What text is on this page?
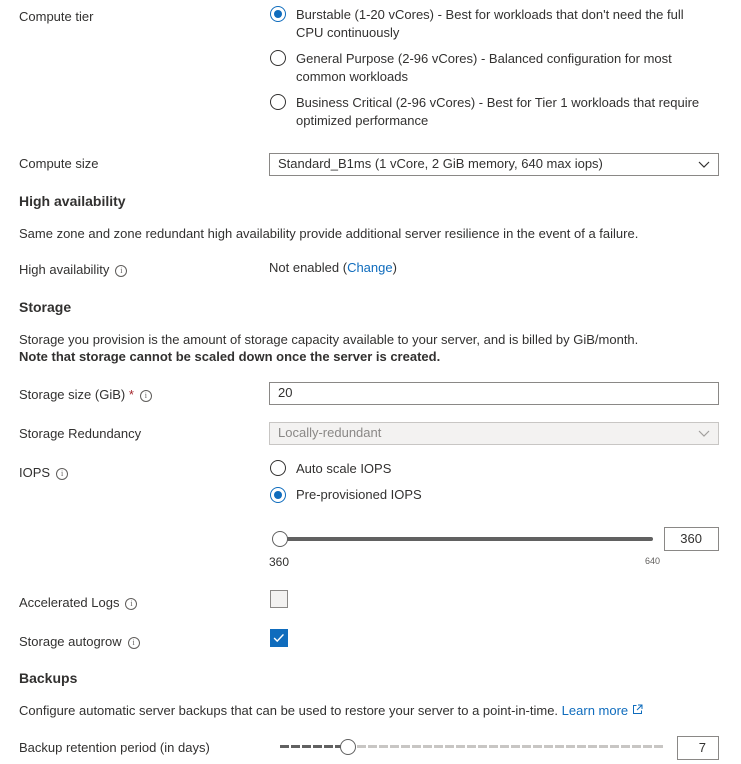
Compute tier	Burstable (1-20 vCores) - Best for workloads that don't need the full
CPU continuously
General Purpose (2-96 vCores) - Balanced configuration for most
common workloads
Business Critical (2-96 vCores) - Best for Tier 1 workloads that require
optimized performance
Compute size	Standard_B1ms (1 vCore, 2 GiB memory, 640 max iops)
High availability
Same zone and zone redundant high availability provide additional server resilience in the event of a failure.
High availability i	Not enabled (Change)
Storage
Storage you provision is the amount of storage capacity available to your server, and is billed by GiB/month.
Note that storage cannot be scaled down once the server is created.
Storage size (GiB) * i	20
Storage Redundancy	Locally-redundant
IOPS i	Auto scale IOPS
Pre-provisioned IOPS
360	640
360
Accelerated Logs i
Storage autogrow i
Backups
Configure automatic server backups that can be used to restore your server to a point-in-time. Learn more
Backup retention period (in days)	7
